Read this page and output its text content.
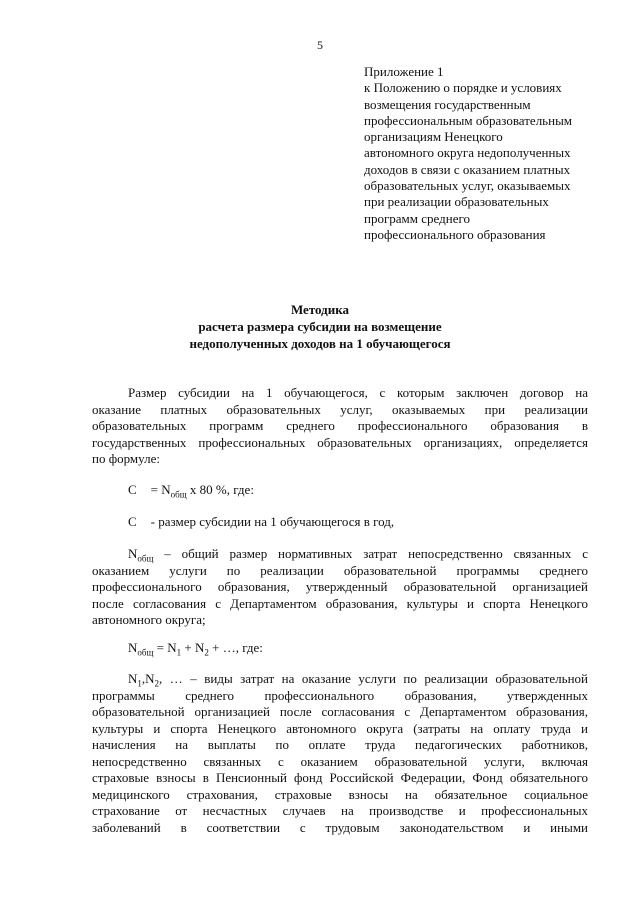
5
Приложение 1
к Положению о порядке и условиях
возмещения государственным
профессиональным образовательным
организациям Ненецкого
автономного округа недополученных
доходов в связи с оказанием платных
образовательных услуг, оказываемых
при реализации образовательных
программ среднего
профессионального образования
Методика
расчета размера субсидии на возмещение
недополученных доходов на 1 обучающегося
Размер субсидии на 1 обучающегося, с которым заключен договор на
оказание платных образовательных услуг, оказываемых при реализации
образовательных программ среднего профессионального образования в
государственных профессиональных образовательных организациях, определяется
по формуле:
$C = N_{общ}$ x 80 %, где:
C - размер субсидии на 1 обучающегося в год,
$N_{общ}$ – общий размер нормативных затрат непосредственно связанных с
оказанием услуги по реализации образовательной программы среднего
профессионального образования, утвержденный образовательной организацией
после согласования с Департаментом образования, культуры и спорта Ненецкого
автономного округа;
$N_{общ} = N_1 + N_2$ + …, где:
$N_1,N_2$, … – виды затрат на оказание услуги по реализации образовательной
программы среднего профессионального образования, утвержденных
образовательной организацией после согласования с Департаментом образования,
культуры и спорта Ненецкого автономного округа (затраты на оплату труда и
начисления на выплаты по оплате труда педагогических работников,
непосредственно связанных с оказанием образовательной услуги, включая
страховые взносы в Пенсионный фонд Российской Федерации, Фонд обязательного
медицинского страхования, страховые взносы на обязательное социальное
страхование от несчастных случаев на производстве и профессиональных
заболеваний в соответствии с трудовым законодательством и иными
